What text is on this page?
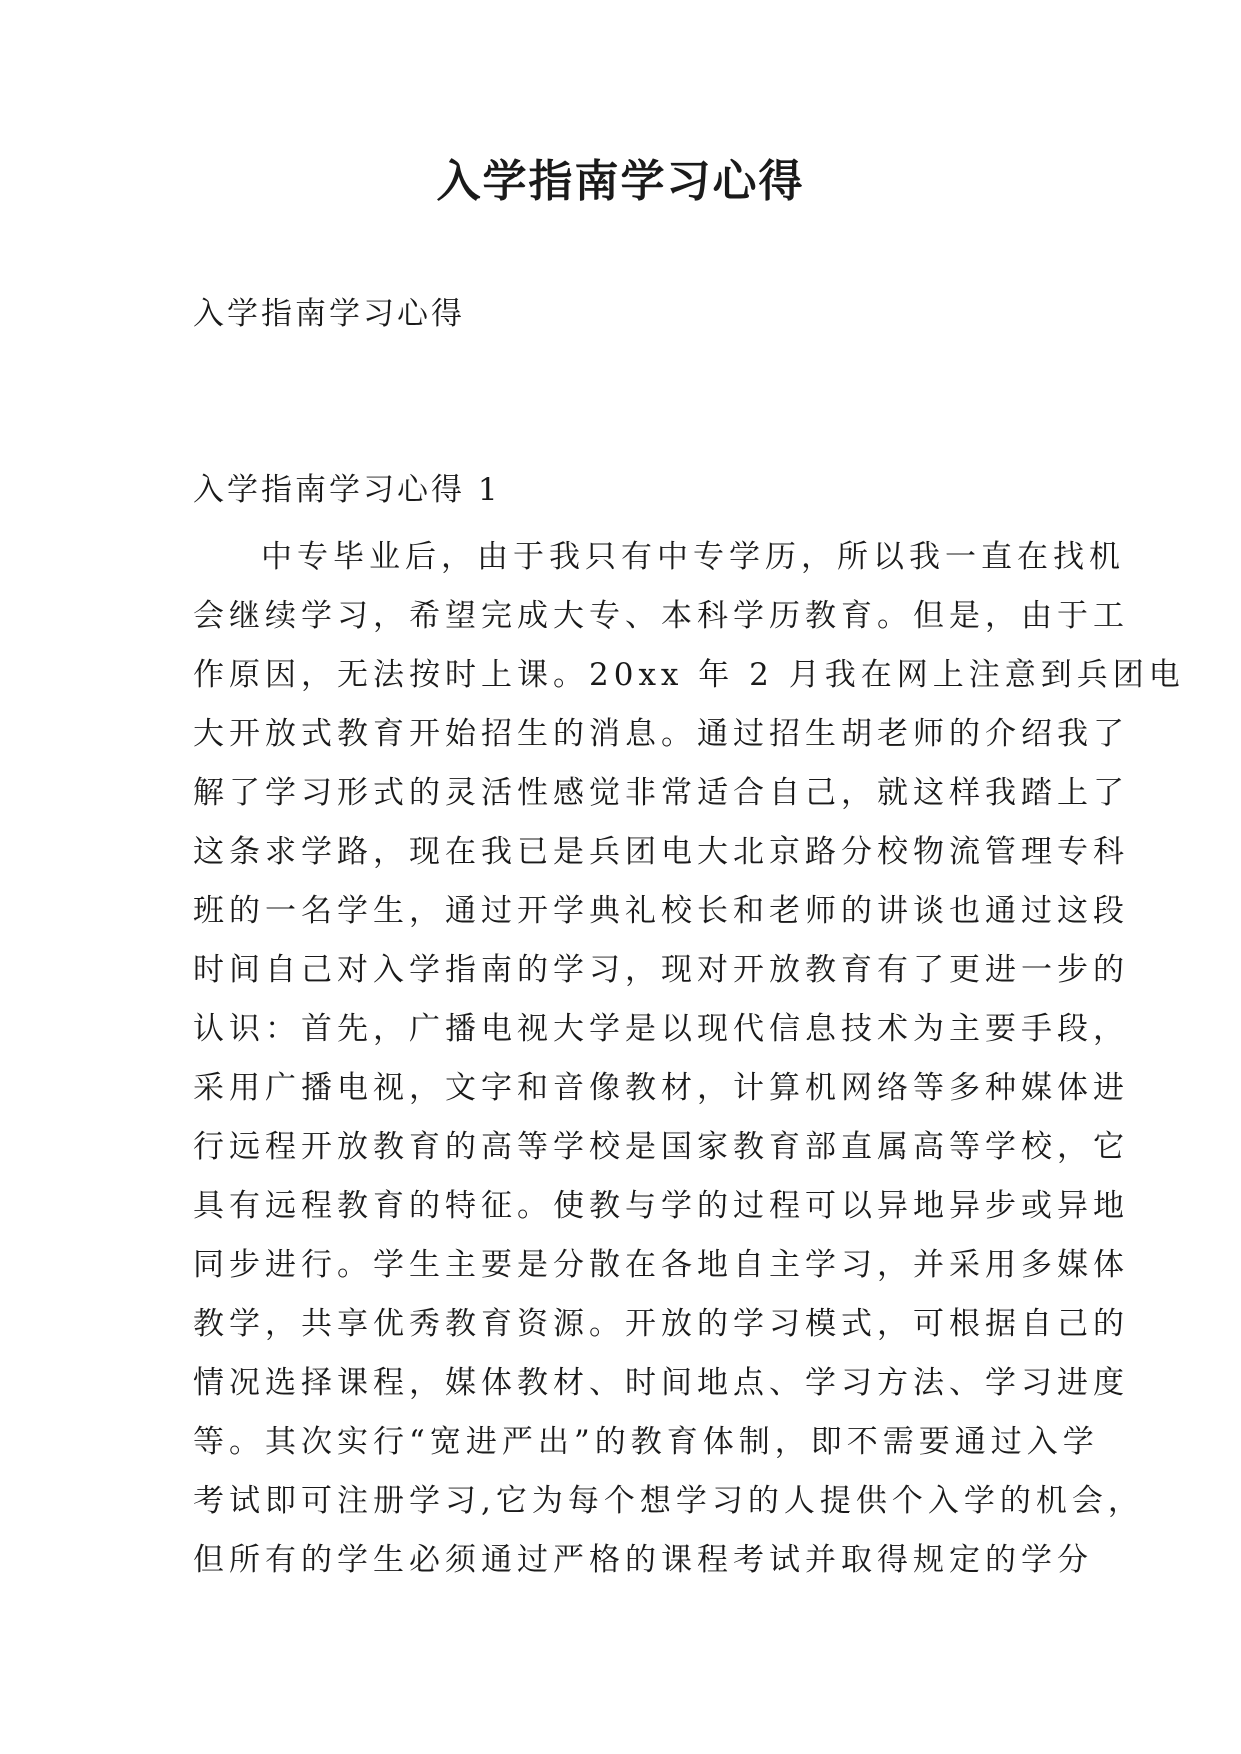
入学指南学习心得

入学指南学习心得

入学指南学习心得 1

中专毕业后，由于我只有中专学历，所以我一直在找机
会继续学习，希望完成大专、本科学历教育。但是，由于工
作原因，无法按时上课。20xx 年 2 月我在网上注意到兵团电
大开放式教育开始招生的消息。通过招生胡老师的介绍我了
解了学习形式的灵活性感觉非常适合自己，就这样我踏上了
这条求学路，现在我已是兵团电大北京路分校物流管理专科
班的一名学生，通过开学典礼校长和老师的讲谈也通过这段
时间自己对入学指南的学习，现对开放教育有了更进一步的
认识：首先，广播电视大学是以现代信息技术为主要手段，
采用广播电视，文字和音像教材，计算机网络等多种媒体进
行远程开放教育的高等学校是国家教育部直属高等学校，它
具有远程教育的特征。使教与学的过程可以异地异步或异地
同步进行。学生主要是分散在各地自主学习，并采用多媒体
教学，共享优秀教育资源。开放的学习模式，可根据自己的
情况选择课程，媒体教材、时间地点、学习方法、学习进度
等。其次实行“宽进严出”的教育体制，即不需要通过入学
考试即可注册学习,它为每个想学习的人提供个入学的机会，
但所有的学生必须通过严格的课程考试并取得规定的学分
